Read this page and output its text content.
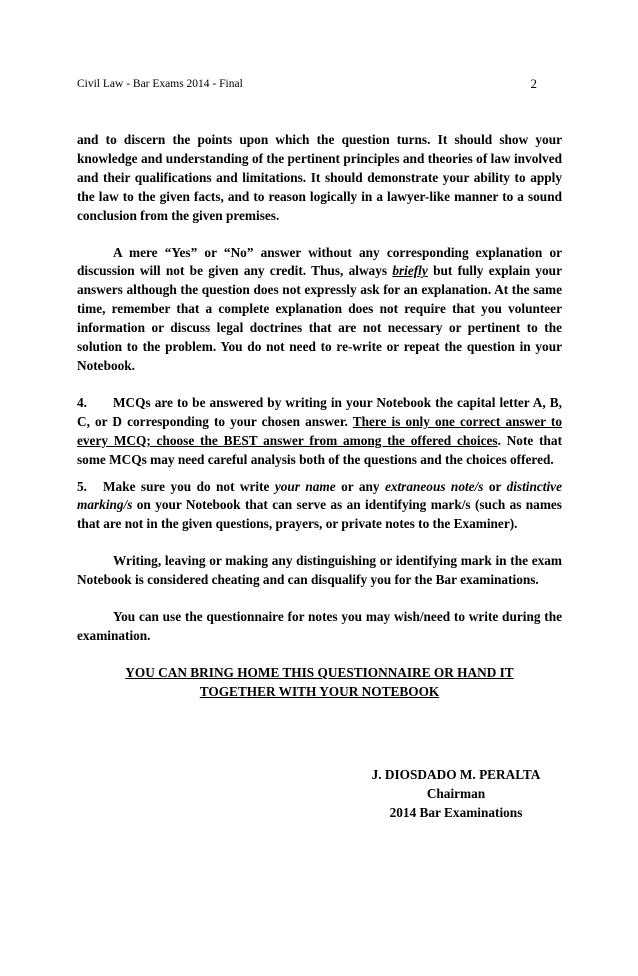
Civil Law - Bar Exams 2014 - Final	2

and to discern the points upon which the question turns. It should show your knowledge and understanding of the pertinent principles and theories of law involved and their qualifications and limitations. It should demonstrate your ability to apply the law to the given facts, and to reason logically in a lawyer-like manner to a sound conclusion from the given premises.

A mere “Yes” or “No” answer without any corresponding explanation or discussion will not be given any credit. Thus, always briefly but fully explain your answers although the question does not expressly ask for an explanation. At the same time, remember that a complete explanation does not require that you volunteer information or discuss legal doctrines that are not necessary or pertinent to the solution to the problem. You do not need to re-write or repeat the question in your Notebook.

4. MCQs are to be answered by writing in your Notebook the capital letter A, B, C, or D corresponding to your chosen answer. There is only one correct answer to every MCQ; choose the BEST answer from among the offered choices. Note that some MCQs may need careful analysis both of the questions and the choices offered.

5. Make sure you do not write your name or any extraneous note/s or distinctive marking/s on your Notebook that can serve as an identifying mark/s (such as names that are not in the given questions, prayers, or private notes to the Examiner).

Writing, leaving or making any distinguishing or identifying mark in the exam Notebook is considered cheating and can disqualify you for the Bar examinations.

You can use the questionnaire for notes you may wish/need to write during the examination.

YOU CAN BRING HOME THIS QUESTIONNAIRE OR HAND IT TOGETHER WITH YOUR NOTEBOOK

J. DIOSDADO M. PERALTA
Chairman
2014 Bar Examinations
